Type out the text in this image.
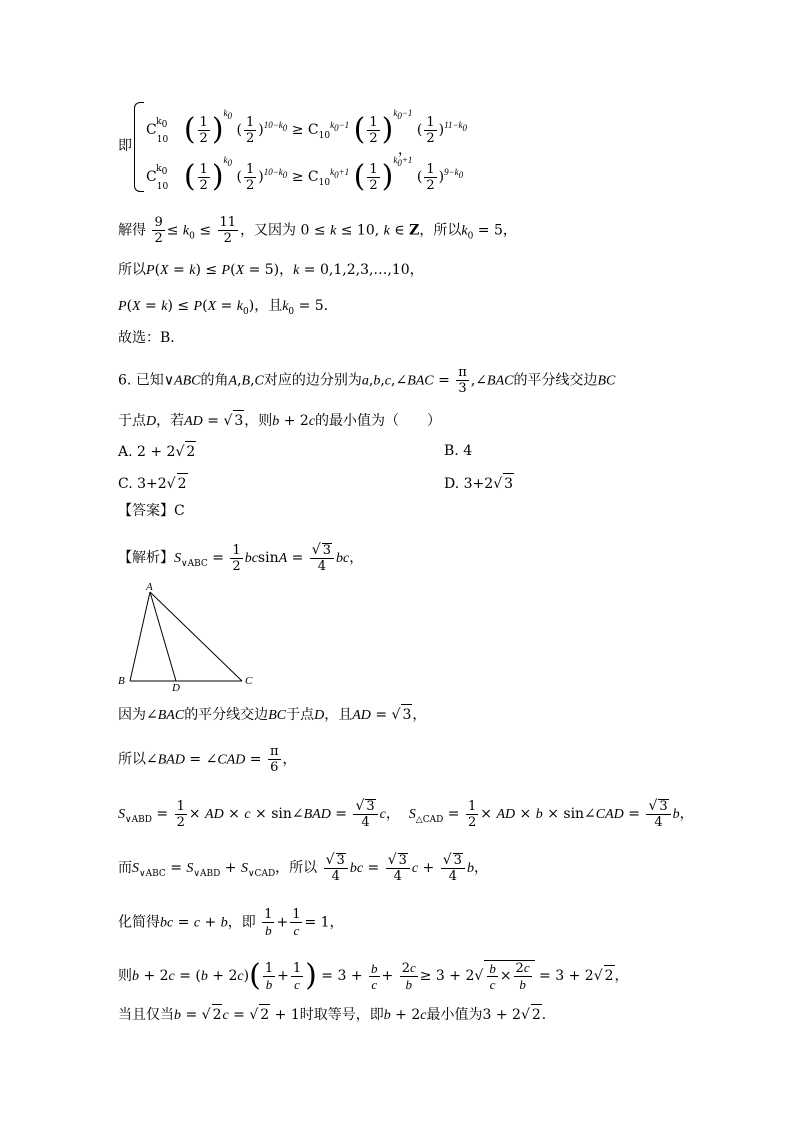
即
$C_{10}^{k_0}$ ( $\frac{1}{2} )^{k_0}$ ( $\frac{1}{2} )^{10-k_0} \ge C_{10}^{k_0-1}$ ( $\frac{1}{2} )^{k_0-1}$ ( $\frac{1}{2} )^{11-k_0}$
$C_{10}^{k_0}$ ( $\frac{1}{2} )^{k_0}$ ( $\frac{1}{2} )^{10-k_0} \ge C_{10}^{k_0+1}$ ( $\frac{1}{2} )^{k_0+1}$ ( $\frac{1}{2} )^{9-k_0}$
，
解得 $\frac{9}{2} \le k_0 \le \frac{11}{2}$ ，又因为 0 ≤ k ≤ 10, k ∈ Z，所以$k_0 = 5$，
所以P(X = k) ≤ P(X = 5)，k = 0,1,2,3,…,10，
$P(X = k) \le P(X = k_0)$，且$k_0 = 5$．
故选：B．
6. 已知∨ABC的角A,B,C对应的边分别为a,b,c,∠BAC = $\frac{\pi}{3}$ ,∠BAC的平分线交边BC
于点D，若AD = √ 3，则b + 2c的最小值为（　　）
A. 2 + 2√ 2	B. 4
C. 3+2√ 2	D. 3+2√ 3
【答案】C
【解析】$S_{\vee ABC} = \frac{1}{2}$ $bcsinA = \frac{√ 3}{4}$ bc，
A
B
D
C
因为∠BAC的平分线交边BC于点D，且AD = √ 3，
所以∠BAD = ∠CAD = $\frac{\pi}{6}$ ，
$S_{\vee ABD} = \frac{1}{2}$ × AD × c × sin∠BAD = $\frac{√ 3}{4}$ c，  $S_{\triangle CAD} = \frac{1}{2}$ × AD × b × sin∠CAD = $\frac{√ 3}{4}$ b，
而$S_{\vee ABC} = S_{\vee ABD} + S_{\vee CAD}$，所以 $\frac{√ 3}{4}$ bc = $\frac{√ 3}{4}$ $c + \frac{√ 3}{4}$ b，
化简得bc = c + b，即 $\frac{1}{b} + \frac{1}{c} = 1$，
则$b + 2c = (b + 2c)( \frac{1}{b} + \frac{1}{c}$ ) = $3 + \frac{b}{c} + \frac{2c}{b} \ge 3 + 2√ \frac{b}{c} \times \frac{2c}{b} = 3 + 2√$ 2，
当且仅当b = √ 2c = √ 2 + 1时取等号，即b + 2c最小值为3 + 2√ 2．
